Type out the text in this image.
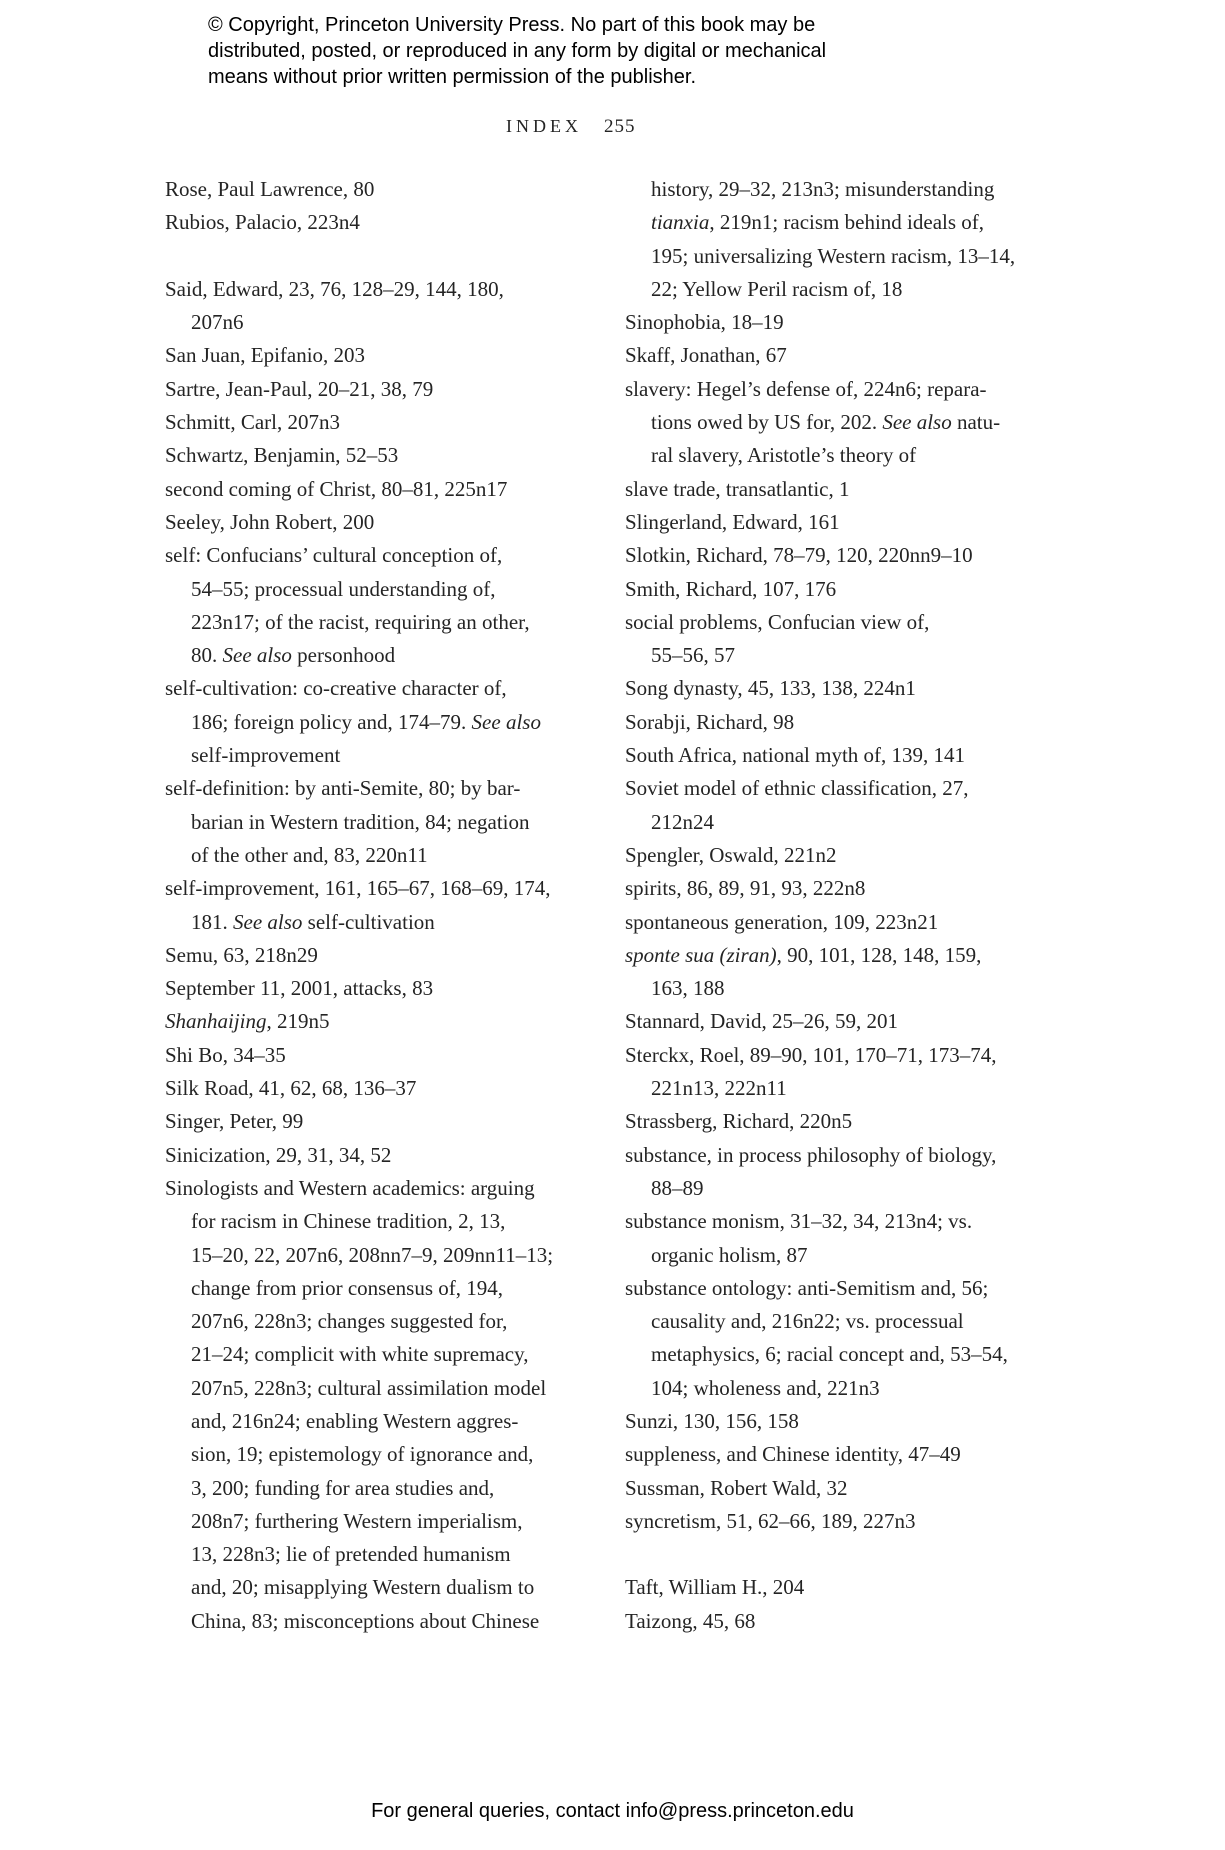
© Copyright, Princeton University Press. No part of this book may be
distributed, posted, or reproduced in any form by digital or mechanical
means without prior written permission of the publisher.
INDEX 255
Rose, Paul Lawrence, 80
Rubios, Palacio, 223n4
Said, Edward, 23, 76, 128–29, 144, 180,
207n6
San Juan, Epifanio, 203
Sartre, Jean-Paul, 20–21, 38, 79
Schmitt, Carl, 207n3
Schwartz, Benjamin, 52–53
second coming of Christ, 80–81, 225n17
Seeley, John Robert, 200
self: Confucians’ cultural conception of,
54–55; processual understanding of,
223n17; of the racist, requiring an other,
80. See also personhood
self-cultivation: co-creative character of,
186; foreign policy and, 174–79. See also
self-improvement
self-definition: by anti-Semite, 80; by bar-
barian in Western tradition, 84; negation
of the other and, 83, 220n11
self-improvement, 161, 165–67, 168–69, 174,
181. See also self-cultivation
Semu, 63, 218n29
September 11, 2001, attacks, 83
Shanhaijing, 219n5
Shi Bo, 34–35
Silk Road, 41, 62, 68, 136–37
Singer, Peter, 99
Sinicization, 29, 31, 34, 52
Sinologists and Western academics: arguing
for racism in Chinese tradition, 2, 13,
15–20, 22, 207n6, 208nn7–9, 209nn11–13;
change from prior consensus of, 194,
207n6, 228n3; changes suggested for,
21–24; complicit with white supremacy,
207n5, 228n3; cultural assimilation model
and, 216n24; enabling Western aggres-
sion, 19; epistemology of ignorance and,
3, 200; funding for area studies and,
208n7; furthering Western imperialism,
13, 228n3; lie of pretended humanism
and, 20; misapplying Western dualism to
China, 83; misconceptions about Chinese
history, 29–32, 213n3; misunderstanding
tianxia, 219n1; racism behind ideals of,
195; universalizing Western racism, 13–14,
22; Yellow Peril racism of, 18
Sinophobia, 18–19
Skaff, Jonathan, 67
slavery: Hegel’s defense of, 224n6; repara-
tions owed by US for, 202. See also natu-
ral slavery, Aristotle’s theory of
slave trade, transatlantic, 1
Slingerland, Edward, 161
Slotkin, Richard, 78–79, 120, 220nn9–10
Smith, Richard, 107, 176
social problems, Confucian view of,
55–56, 57
Song dynasty, 45, 133, 138, 224n1
Sorabji, Richard, 98
South Africa, national myth of, 139, 141
Soviet model of ethnic classification, 27,
212n24
Spengler, Oswald, 221n2
spirits, 86, 89, 91, 93, 222n8
spontaneous generation, 109, 223n21
sponte sua (ziran), 90, 101, 128, 148, 159,
163, 188
Stannard, David, 25–26, 59, 201
Sterckx, Roel, 89–90, 101, 170–71, 173–74,
221n13, 222n11
Strassberg, Richard, 220n5
substance, in process philosophy of biology,
88–89
substance monism, 31–32, 34, 213n4; vs.
organic holism, 87
substance ontology: anti-Semitism and, 56;
causality and, 216n22; vs. processual
metaphysics, 6; racial concept and, 53–54,
104; wholeness and, 221n3
Sunzi, 130, 156, 158
suppleness, and Chinese identity, 47–49
Sussman, Robert Wald, 32
syncretism, 51, 62–66, 189, 227n3
Taft, William H., 204
Taizong, 45, 68
For general queries, contact info@press.princeton.edu
